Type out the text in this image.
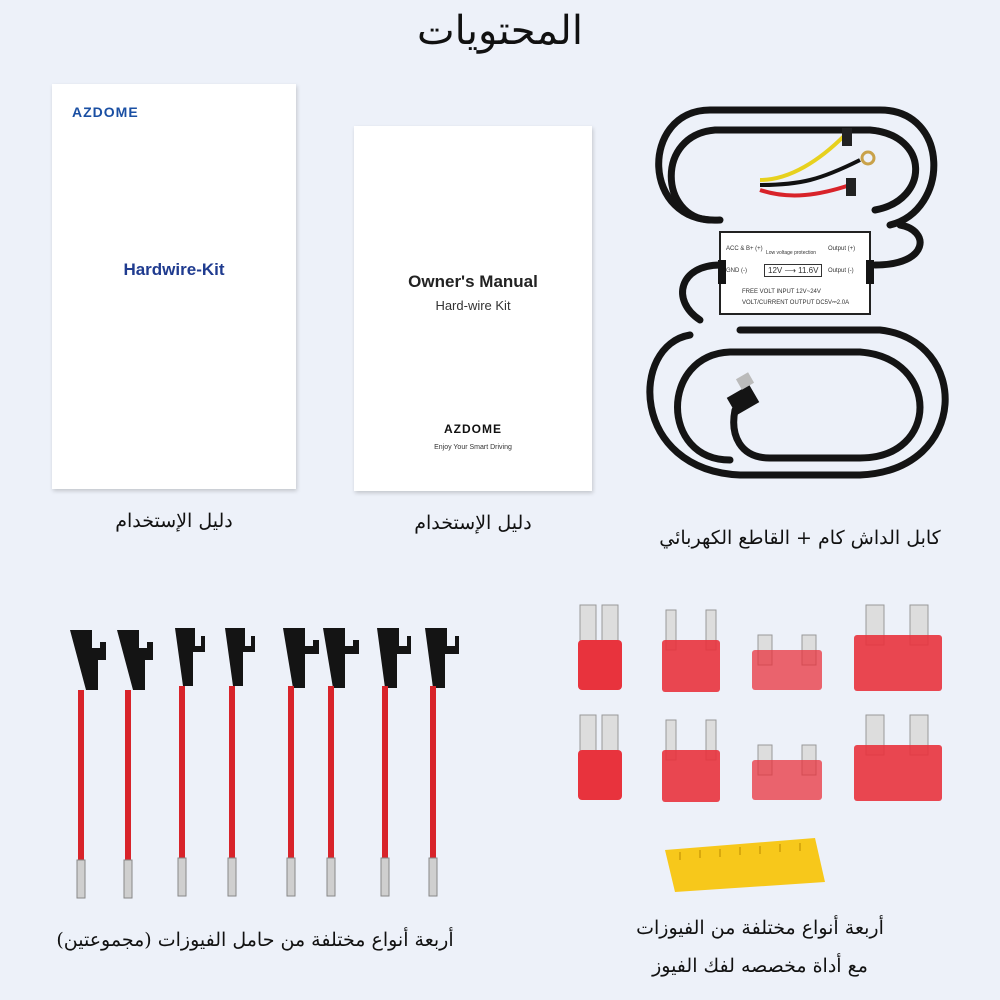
المحتويات
AZDOME
Hardwire-Kit
دليل الإستخدام
Owner's Manual
Hard-wire Kit
AZDOME
Enjoy Your Smart Driving
دليل الإستخدام
ACC & B+ (+)
GND (-)
Output (+)
Output (-)
Low voltage protection
12V ⟶ 11.6V
FREE VOLT INPUT 12V~24V
VOLT/CURRENT OUTPUT DC5V⎓2.0A
كابل الداش كام + القاطع الكهربائي
أربعة أنواع مختلفة من حامل الفيوزات (مجموعتين)
أربعة أنواع مختلفة من الفيوزات
مع أداة مخصصه لفك الفيوز
